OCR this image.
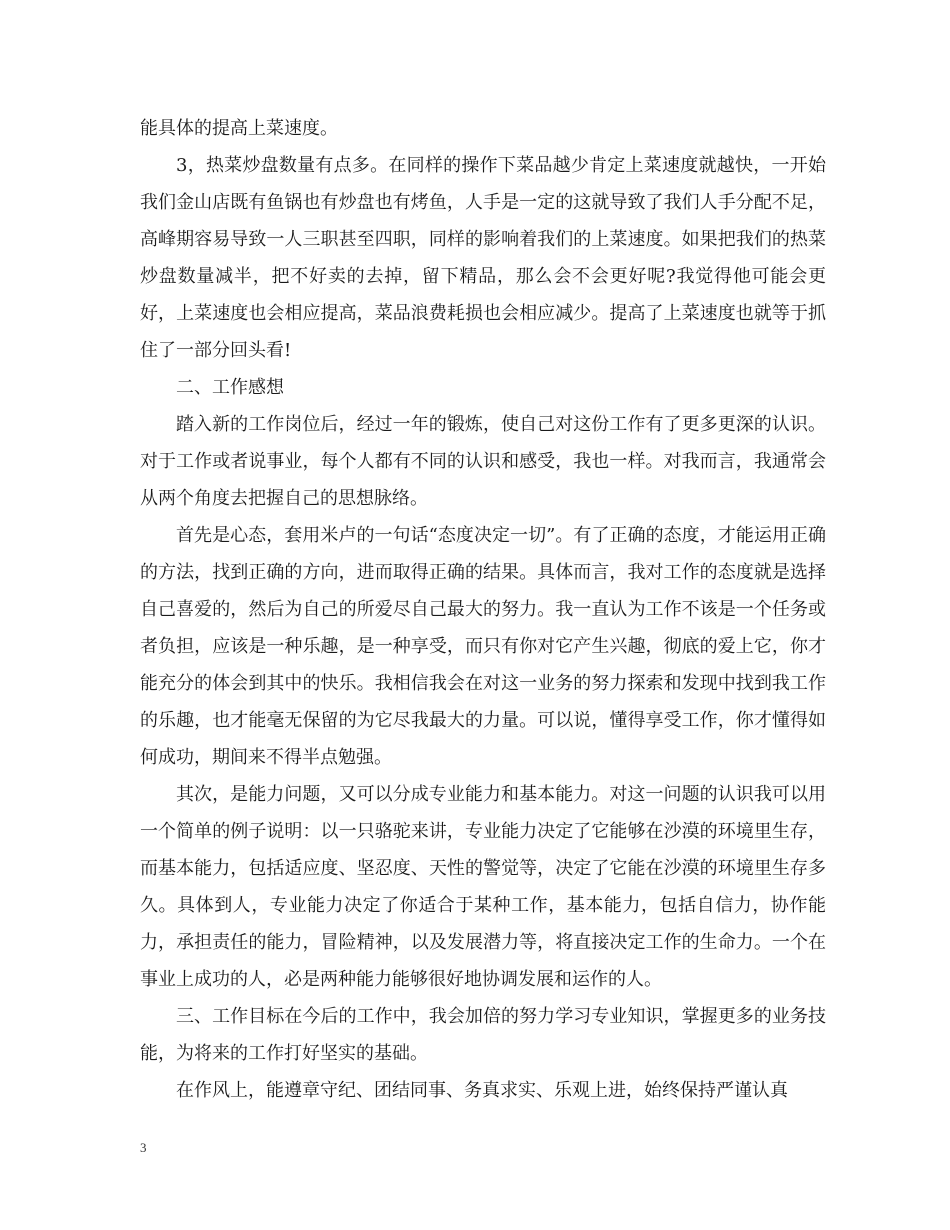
能具体的提高上菜速度。

3，热菜炒盘数量有点多。在同样的操作下菜品越少肯定上菜速度就越快，一开始我们金山店既有鱼锅也有炒盘也有烤鱼，人手是一定的这就导致了我们人手分配不足，高峰期容易导致一人三职甚至四职，同样的影响着我们的上菜速度。如果把我们的热菜炒盘数量减半，把不好卖的去掉，留下精品，那么会不会更好呢?我觉得他可能会更好，上菜速度也会相应提高，菜品浪费耗损也会相应减少。提高了上菜速度也就等于抓住了一部分回头看!

二、工作感想

踏入新的工作岗位后，经过一年的锻炼，使自己对这份工作有了更多更深的认识。对于工作或者说事业，每个人都有不同的认识和感受，我也一样。对我而言，我通常会从两个角度去把握自己的思想脉络。

首先是心态，套用米卢的一句话“态度决定一切”。有了正确的态度，才能运用正确的方法，找到正确的方向，进而取得正确的结果。具体而言，我对工作的态度就是选择自己喜爱的，然后为自己的所爱尽自己最大的努力。我一直认为工作不该是一个任务或者负担，应该是一种乐趣，是一种享受，而只有你对它产生兴趣，彻底的爱上它，你才能充分的体会到其中的快乐。我相信我会在对这一业务的努力探索和发现中找到我工作的乐趣，也才能毫无保留的为它尽我最大的力量。可以说，懂得享受工作，你才懂得如何成功，期间来不得半点勉强。

其次，是能力问题，又可以分成专业能力和基本能力。对这一问题的认识我可以用一个简单的例子说明：以一只骆驼来讲，专业能力决定了它能够在沙漠的环境里生存，而基本能力，包括适应度、坚忍度、天性的警觉等，决定了它能在沙漠的环境里生存多久。具体到人，专业能力决定了你适合于某种工作，基本能力，包括自信力，协作能力，承担责任的能力，冒险精神，以及发展潜力等，将直接决定工作的生命力。一个在事业上成功的人，必是两种能力能够很好地协调发展和运作的人。

三、工作目标在今后的工作中，我会加倍的努力学习专业知识，掌握更多的业务技能，为将来的工作打好坚实的基础。

在作风上，能遵章守纪、团结同事、务真求实、乐观上进，始终保持严谨认真

3
